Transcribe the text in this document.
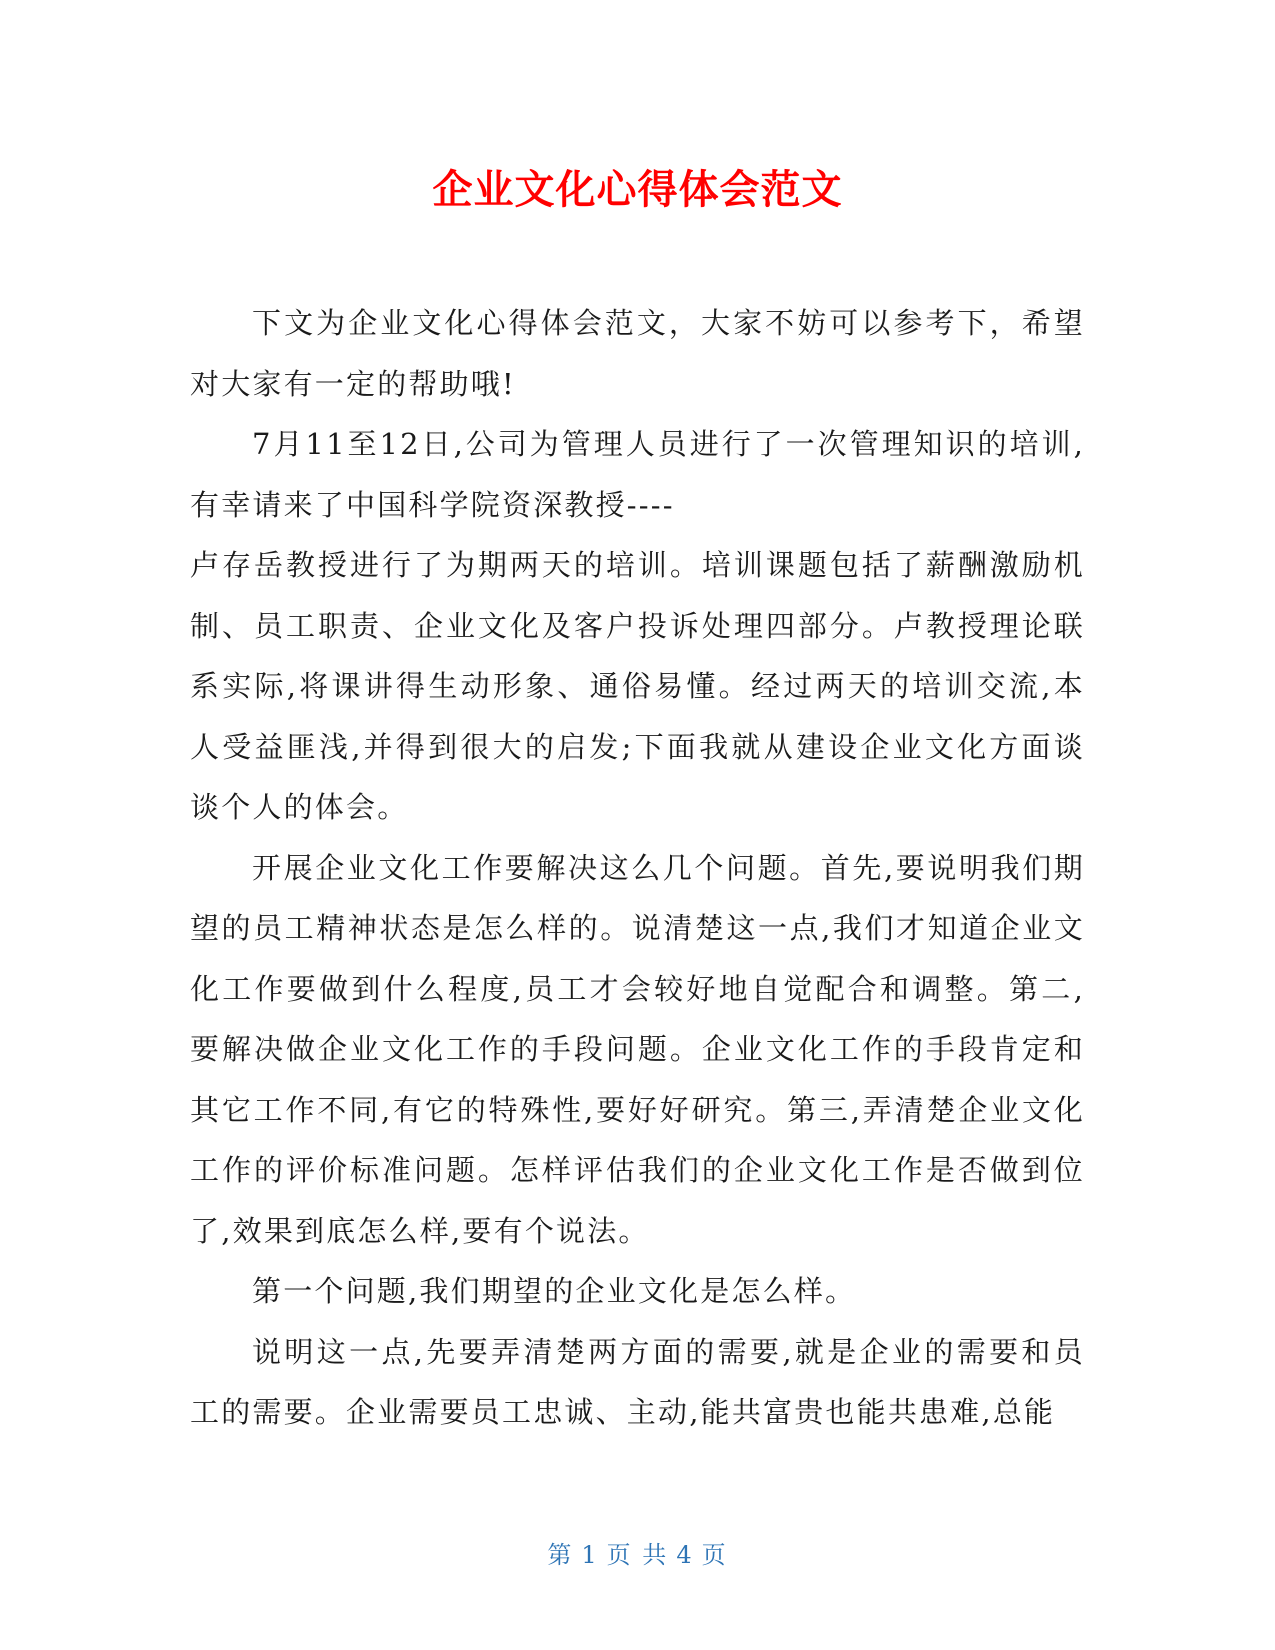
企业文化心得体会范文

下文为企业文化心得体会范文，大家不妨可以参考下，希望对大家有一定的帮助哦!

7月11至12日,公司为管理人员进行了一次管理知识的培训,有幸请来了中国科学院资深教授----

卢存岳教授进行了为期两天的培训。培训课题包括了薪酬激励机制、员工职责、企业文化及客户投诉处理四部分。卢教授理论联系实际,将课讲得生动形象、通俗易懂。经过两天的培训交流,本人受益匪浅,并得到很大的启发;下面我就从建设企业文化方面谈谈个人的体会。

开展企业文化工作要解决这么几个问题。首先,要说明我们期望的员工精神状态是怎么样的。说清楚这一点,我们才知道企业文化工作要做到什么程度,员工才会较好地自觉配合和调整。第二,要解决做企业文化工作的手段问题。企业文化工作的手段肯定和其它工作不同,有它的特殊性,要好好研究。第三,弄清楚企业文化工作的评价标准问题。怎样评估我们的企业文化工作是否做到位了,效果到底怎么样,要有个说法。

第一个问题,我们期望的企业文化是怎么样。

说明这一点,先要弄清楚两方面的需要,就是企业的需要和员工的需要。企业需要员工忠诚、主动,能共富贵也能共患难,总能

第 1 页 共 4 页
